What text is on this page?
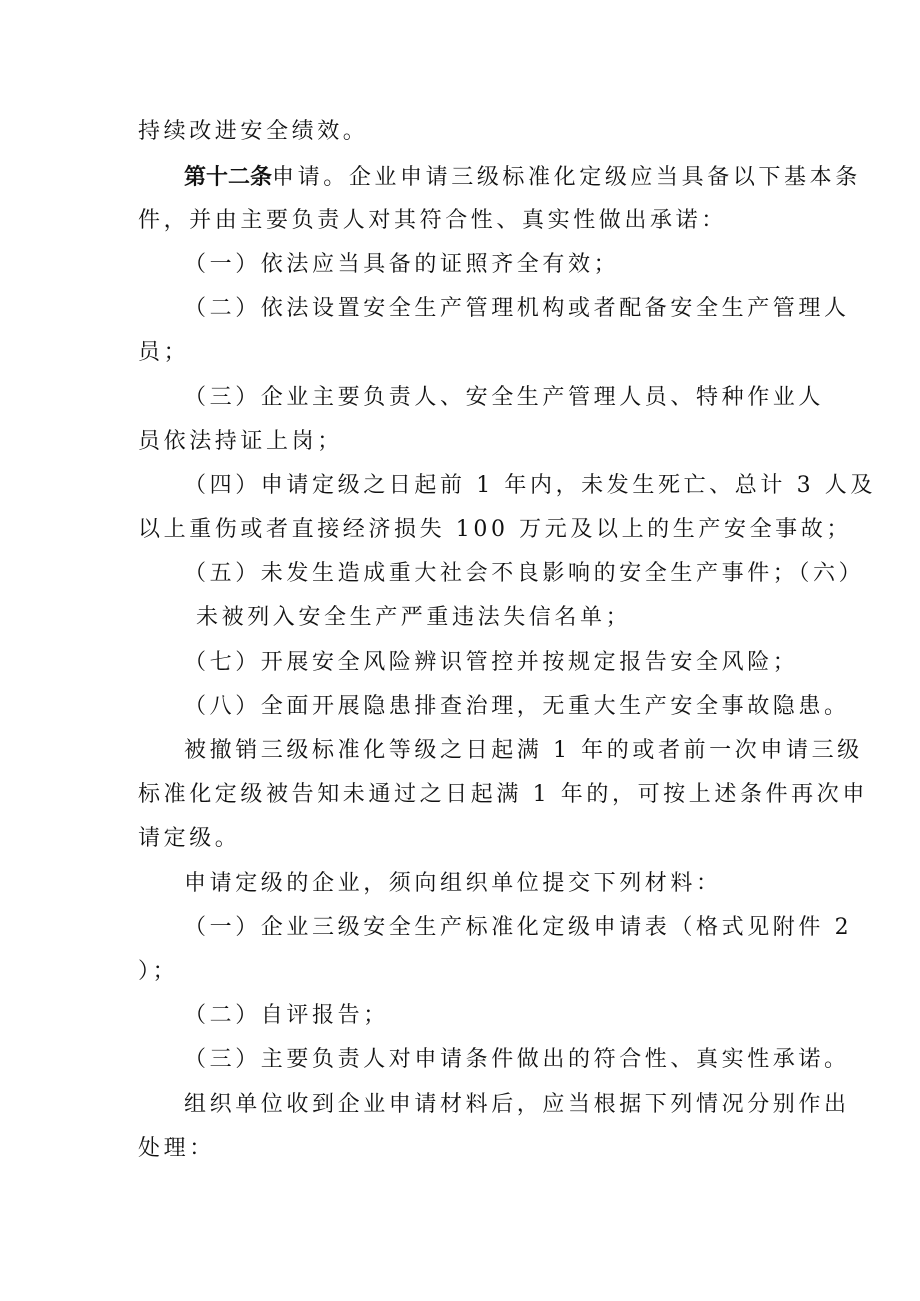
持续改进安全绩效。
第十二条申请。企业申请三级标准化定级应当具备以下基本条
件，并由主要负责人对其符合性、真实性做出承诺：
（一）依法应当具备的证照齐全有效；
（二）依法设置安全生产管理机构或者配备安全生产管理人
员；
（三）企业主要负责人、安全生产管理人员、特种作业人
员依法持证上岗；
（四）申请定级之日起前 1 年内，未发生死亡、总计 3 人及
以上重伤或者直接经济损失 100 万元及以上的生产安全事故；
（五）未发生造成重大社会不良影响的安全生产事件；（六）
未被列入安全生产严重违法失信名单；
（七）开展安全风险辨识管控并按规定报告安全风险；
（八）全面开展隐患排查治理，无重大生产安全事故隐患。
被撤销三级标准化等级之日起满 1 年的或者前一次申请三级
标准化定级被告知未通过之日起满 1 年的，可按上述条件再次申
请定级。
申请定级的企业，须向组织单位提交下列材料：
（一）企业三级安全生产标准化定级申请表（格式见附件 2
）；
（二）自评报告；
（三）主要负责人对申请条件做出的符合性、真实性承诺。
组织单位收到企业申请材料后，应当根据下列情况分别作出
处理：
